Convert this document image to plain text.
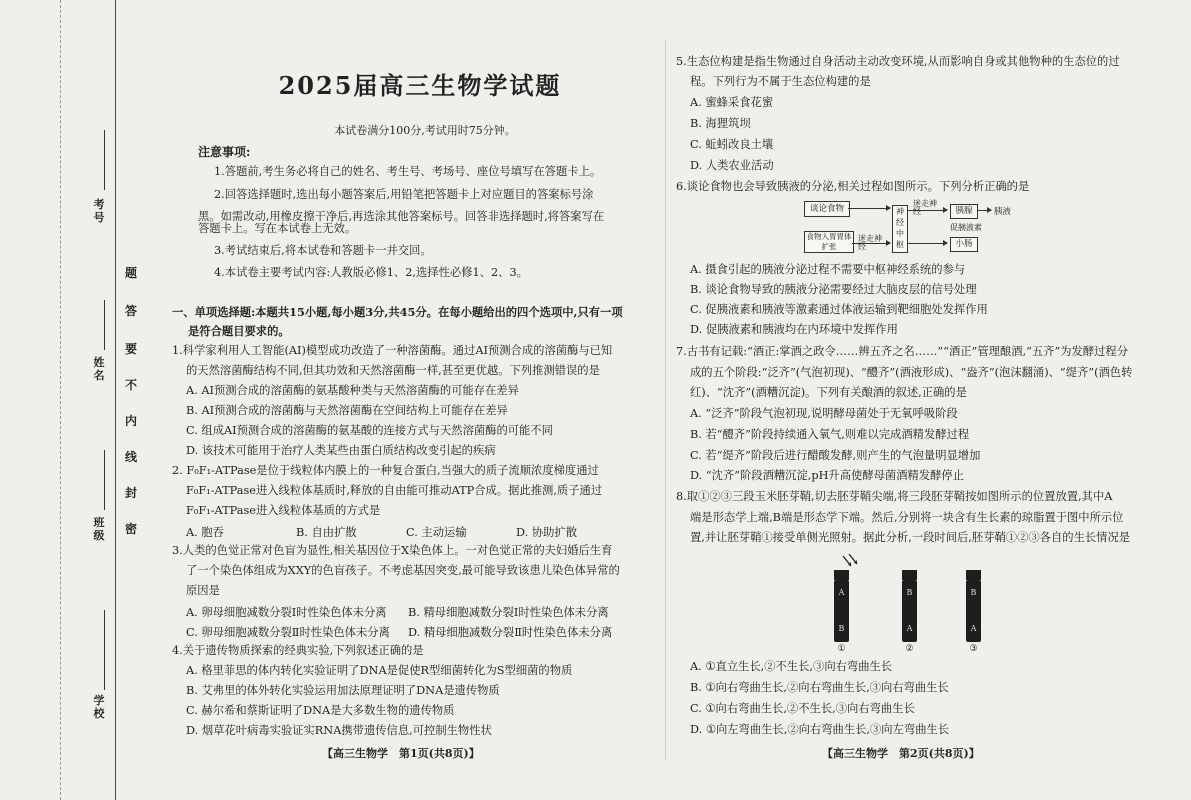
考号
姓名
班级
学校
题
答
要
不
内
线
封
密
2025届高三生物学试题
本试卷满分100分,考试用时75分钟。
注意事项:
1.答题前,考生务必将自己的姓名、考生号、考场号、座位号填写在答题卡上。
2.回答选择题时,选出每小题答案后,用铅笔把答题卡上对应题目的答案标号涂
黑。如需改动,用橡皮擦干净后,再选涂其他答案标号。回答非选择题时,将答案写在
答题卡上。写在本试卷上无效。
3.考试结束后,将本试卷和答题卡一并交回。
4.本试卷主要考试内容:人教版必修1、2,选择性必修1、2、3。
一、单项选择题:本题共15小题,每小题3分,共45分。在每小题给出的四个选项中,只有一项
是符合题目要求的。
1.科学家利用人工智能(AI)模型成功改造了一种溶菌酶。通过AI预测合成的溶菌酶与已知
的天然溶菌酶结构不同,但其功效和天然溶菌酶一样,甚至更优越。下列推测错误的是
A. AI预测合成的溶菌酶的氨基酸种类与天然溶菌酶的可能存在差异
B. AI预测合成的溶菌酶与天然溶菌酶在空间结构上可能存在差异
C. 组成AI预测合成的溶菌酶的氨基酸的连接方式与天然溶菌酶的可能不同
D. 该技术可能用于治疗人类某些由蛋白质结构改变引起的疾病
2. F₀F₁-ATPase是位于线粒体内膜上的一种复合蛋白,当强大的质子流顺浓度梯度通过
F₀F₁-ATPase进入线粒体基质时,释放的自由能可推动ATP合成。据此推测,质子通过
F₀F₁-ATPase进入线粒体基质的方式是
A. 胞吞	B. 自由扩散	C. 主动运输	D. 协助扩散
3.人类的色觉正常对色盲为显性,相关基因位于X染色体上。一对色觉正常的夫妇婚后生育
了一个染色体组成为XXY的色盲孩子。不考虑基因突变,最可能导致该患儿染色体异常的
原因是
A. 卵母细胞减数分裂Ⅰ时性染色体未分离 B. 精母细胞减数分裂Ⅰ时性染色体未分离
C. 卵母细胞减数分裂Ⅱ时性染色体未分离 D. 精母细胞减数分裂Ⅱ时性染色体未分离
4.关于遗传物质探索的经典实验,下列叙述正确的是
A. 格里菲思的体内转化实验证明了DNA是促使R型细菌转化为S型细菌的物质
B. 艾弗里的体外转化实验运用加法原理证明了DNA是遗传物质
C. 赫尔希和蔡斯证明了DNA是大多数生物的遗传物质
D. 烟草花叶病毒实验证实RNA携带遗传信息,可控制生物性状
【高三生物学　第1页(共8页)】
5.生态位构建是指生物通过自身活动主动改变环境,从而影响自身或其他物种的生态位的过
程。下列行为不属于生态位构建的是
A. 蜜蜂采食花蜜
B. 海狸筑坝
C. 蚯蚓改良土壤
D. 人类农业活动
6.谈论食物也会导致胰液的分泌,相关过程如图所示。下列分析正确的是
谈论食物
食物入胃胃体扩张
神经中枢
迷走神经
迷走神经	胰腺	胰液
小肠
促胰液素
A. 摄食引起的胰液分泌过程不需要中枢神经系统的参与
B. 谈论食物导致的胰液分泌需要经过大脑皮层的信号处理
C. 促胰液素和胰液等激素通过体液运输到靶细胞处发挥作用
D. 促胰液素和胰液均在内环境中发挥作用
7.古书有记载:“酒正:掌酒之政令……辨五齐之名……”“酒正”管理酿酒,“五齐”为发酵过程分
成的五个阶段:“泛齐”(气泡初现)、“醴齐”(酒液形成)、“盎齐”(泡沫翻涌)、“缇齐”(酒色转
红)、“沈齐”(酒糟沉淀)。下列有关酿酒的叙述,正确的是
A. “泛齐”阶段气泡初现,说明酵母菌处于无氧呼吸阶段
B. 若“醴齐”阶段持续通入氧气,则难以完成酒精发酵过程
C. 若“缇齐”阶段后进行醋酸发酵,则产生的气泡量明显增加
D. “沈齐”阶段酒糟沉淀,pH升高使酵母菌酒精发酵停止
8.取①②③三段玉米胚芽鞘,切去胚芽鞘尖端,将三段胚芽鞘按如图所示的位置放置,其中A
端是形态学上端,B端是形态学下端。然后,分别将一块含有生长素的琼脂置于图中所示位
置,并让胚芽鞘①接受单侧光照射。据此分析,一段时间后,胚芽鞘①②③各自的生长情况是
A
B
①
B
A
②
B
A
③
A. ①直立生长,②不生长,③向右弯曲生长
B. ①向右弯曲生长,②向右弯曲生长,③向右弯曲生长
C. ①向右弯曲生长,②不生长,③向右弯曲生长
D. ①向左弯曲生长,②向右弯曲生长,③向左弯曲生长
【高三生物学　第2页(共8页)】
